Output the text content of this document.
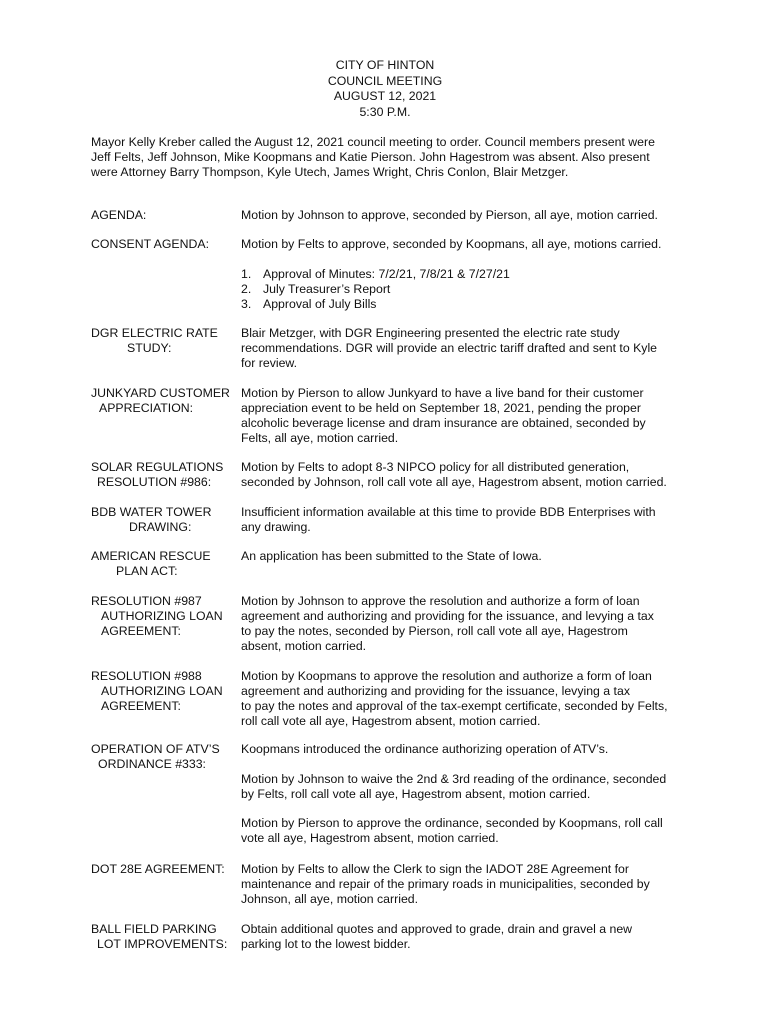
CITY OF HINTON
COUNCIL MEETING
AUGUST 12, 2021
5:30 P.M.
Mayor Kelly Kreber called the August 12, 2021 council meeting to order. Council members present were
Jeff Felts, Jeff Johnson, Mike Koopmans and Katie Pierson. John Hagestrom was absent. Also present
were Attorney Barry Thompson, Kyle Utech, James Wright, Chris Conlon, Blair Metzger.
AGENDA:	Motion by Johnson to approve, seconded by Pierson, all aye, motion carried.
CONSENT AGENDA:	Motion by Felts to approve, seconded by Koopmans, all aye, motions carried.
1. Approval of Minutes: 7/2/21, 7/8/21 & 7/27/21
2. July Treasurer’s Report
3. Approval of July Bills
DGR ELECTRIC RATE
STUDY:
Blair Metzger, with DGR Engineering presented the electric rate study
recommendations. DGR will provide an electric tariff drafted and sent to Kyle
for review.
JUNKYARD CUSTOMER
APPRECIATION:
Motion by Pierson to allow Junkyard to have a live band for their customer
appreciation event to be held on September 18, 2021, pending the proper
alcoholic beverage license and dram insurance are obtained, seconded by
Felts, all aye, motion carried.
SOLAR REGULATIONS
RESOLUTION #986:
Motion by Felts to adopt 8-3 NIPCO policy for all distributed generation,
seconded by Johnson, roll call vote all aye, Hagestrom absent, motion carried.
BDB WATER TOWER
DRAWING:
Insufficient information available at this time to provide BDB Enterprises with
any drawing.
AMERICAN RESCUE
PLAN ACT:
An application has been submitted to the State of Iowa.
RESOLUTION #987
AUTHORIZING LOAN
AGREEMENT:
Motion by Johnson to approve the resolution and authorize a form of loan
agreement and authorizing and providing for the issuance, and levying a tax
to pay the notes, seconded by Pierson, roll call vote all aye, Hagestrom
absent, motion carried.
RESOLUTION #988
AUTHORIZING LOAN
AGREEMENT:
Motion by Koopmans to approve the resolution and authorize a form of loan
agreement and authorizing and providing for the issuance, levying a tax
to pay the notes and approval of the tax-exempt certificate, seconded by Felts,
roll call vote all aye, Hagestrom absent, motion carried.
OPERATION OF ATV’S
ORDINANCE #333:
Koopmans introduced the ordinance authorizing operation of ATV’s.
Motion by Johnson to waive the 2nd & 3rd reading of the ordinance, seconded
by Felts, roll call vote all aye, Hagestrom absent, motion carried.
Motion by Pierson to approve the ordinance, seconded by Koopmans, roll call
vote all aye, Hagestrom absent, motion carried.
DOT 28E AGREEMENT:	Motion by Felts to allow the Clerk to sign the IADOT 28E Agreement for
maintenance and repair of the primary roads in municipalities, seconded by
Johnson, all aye, motion carried.
BALL FIELD PARKING
LOT IMPROVEMENTS:
Obtain additional quotes and approved to grade, drain and gravel a new
parking lot to the lowest bidder.
